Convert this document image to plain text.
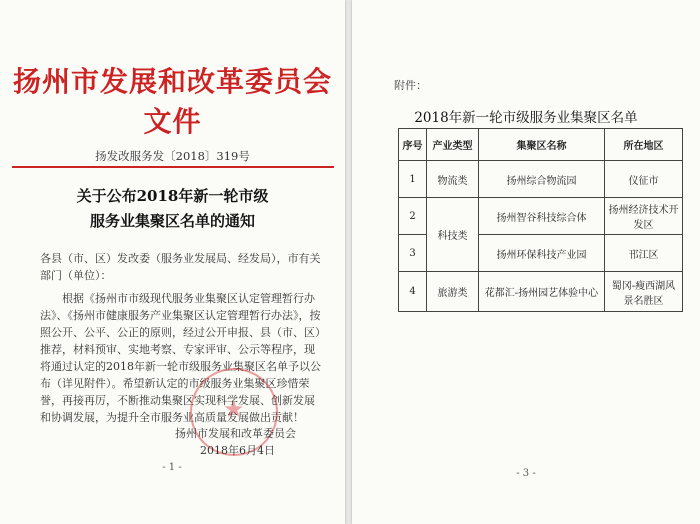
扬州市发展和改革委员会文件
扬发改服务发〔2018〕319号
关于公布2018年新一轮市级
服务业集聚区名单的通知
各县（市、区）发改委（服务业发展局、经发局），市有关部门（单位）：
根据《扬州市市级现代服务业集聚区认定管理暂行办法》、《扬州市健康服务产业集聚区认定管理暂行办法》，按照公开、公平、公正的原则，经过公开申报、县（市、区）推荐，材料预审、实地考察、专家评审、公示等程序，现将通过认定的2018年新一轮市级服务业集聚区名单予以公布（详见附件）。希望新认定的市级服务业集聚区珍惜荣誉，再接再厉，不断推动集聚区实现科学发展、创新发展和协调发展，为提升全市服务业高质量发展做出贡献！
★
扬州市发展和改革委员会
2018年6月4日
- 1 -
附件：
2018年新一轮市级服务业集聚区名单
序号	产业类型	集聚区名称	所在地区
1	物流类	扬州综合物流园	仪征市
2	科技类	扬州智谷科技综合体	扬州经济技术开发区
3		扬州环保科技产业园	邗江区
4	旅游类	花都汇-扬州园艺体验中心	蜀冈-瘦西湖风景名胜区
- 3 -
